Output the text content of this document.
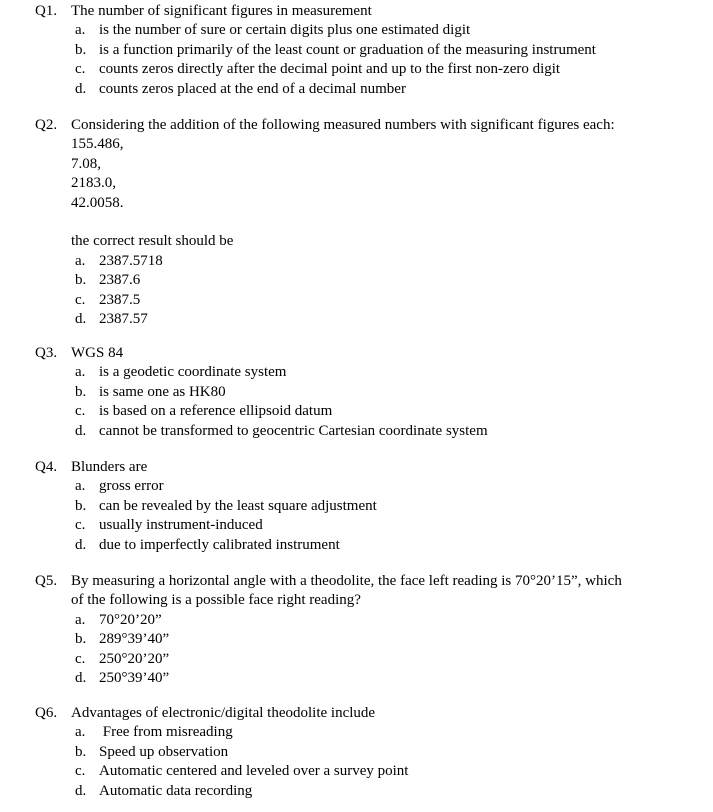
Q1. The number of significant figures in measurement
a. is the number of sure or certain digits plus one estimated digit
b. is a function primarily of the least count or graduation of the measuring instrument
c. counts zeros directly after the decimal point and up to the first non-zero digit
d. counts zeros placed at the end of a decimal number
Q2. Considering the addition of the following measured numbers with significant figures each:
155.486,
7.08,
2183.0,
42.0058.
the correct result should be
a. 2387.5718
b. 2387.6
c. 2387.5
d. 2387.57
Q3. WGS 84
a. is a geodetic coordinate system
b. is same one as HK80
c. is based on a reference ellipsoid datum
d. cannot be transformed to geocentric Cartesian coordinate system
Q4. Blunders are
a. gross error
b. can be revealed by the least square adjustment
c. usually instrument-induced
d. due to imperfectly calibrated instrument
Q5. By measuring a horizontal angle with a theodolite, the face left reading is 70°20’15”, which
of the following is a possible face right reading?
a. 70°20’20”
b. 289°39’40”
c. 250°20’20”
d. 250°39’40”
Q6. Advantages of electronic/digital theodolite include
a. Free from misreading
b. Speed up observation
c. Automatic centered and leveled over a survey point
d. Automatic data recording
